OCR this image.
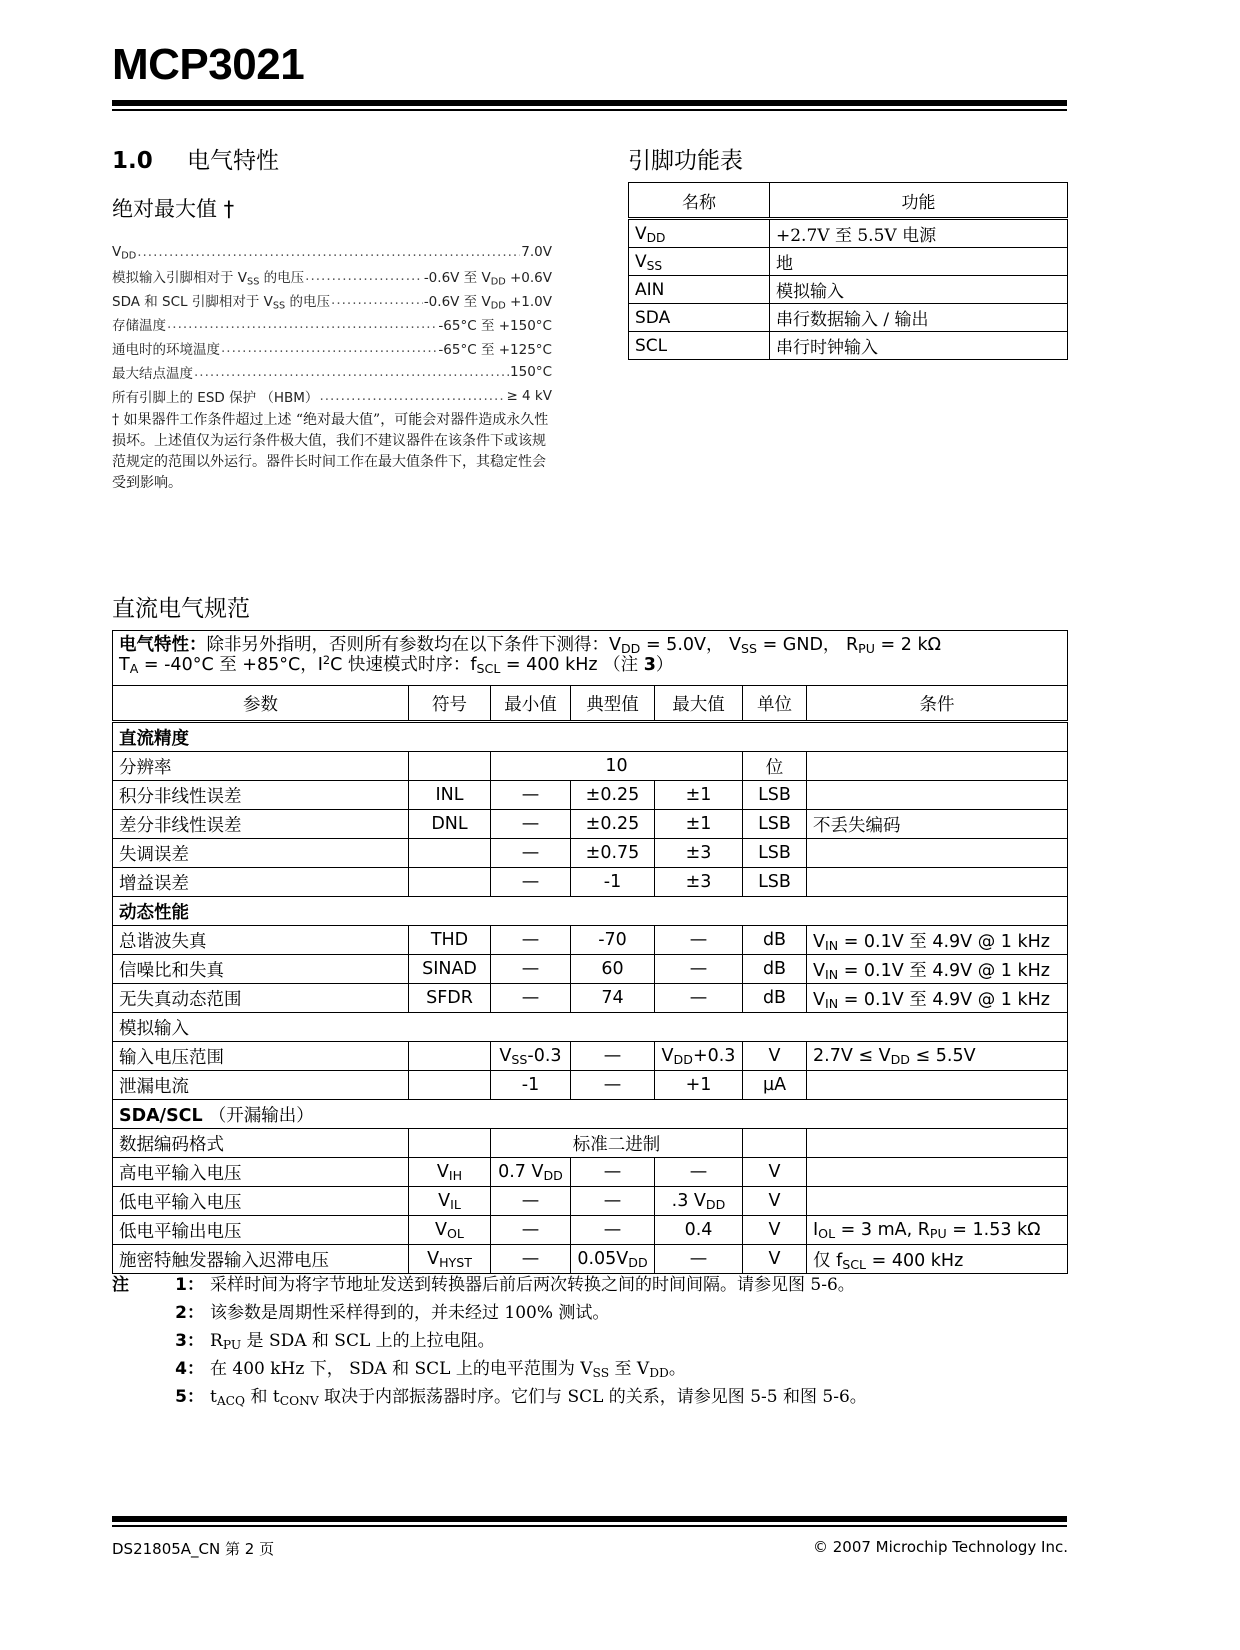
MCP3021
1.0 电气特性
绝对最大值 †
$V_{DD}$ .....	7.0V
模拟输入引脚相对于 $V_{SS}$ 的电压 .....	-0.6V 至 $V_{DD} +0.6V$
SDA 和 SCL 引脚相对于 $V_{SS}$ 的电压 .....	-0.6V 至 $V_{DD} +1.0V$
存储温度 .....	-65°C 至 +150°C
通电时的环境温度 .....	-65°C 至 +125°C
最大结点温度 .....	150°C
所有引脚上的 ESD 保护 （HBM） .....	≥ 4 kV
† 如果器件工作条件超过上述 “绝对最大值”，可能会对器件造成永久性损坏。上述值仅为运行条件极大值，我们不建议器件在该条件下或该规范规定的范围以外运行。器件长时间工作在最大值条件下，其稳定性会受到影响。
引脚功能表
名称	功能
$V_{DD}$	+2.7V 至 5.5V 电源
$V_{SS}$	地
AIN	模拟输入
SDA	串行数据输入 / 输出
SCL	串行时钟输入
直流电气规范
电气特性：除非另外指明，否则所有参数均在以下条件下测得：$V_{DD} = 5.0V$， $V_{SS}$ = GND， $R_{PU} = 2$ kΩ
$T_A = -40^\circ C$ 至 +85°C，$I^2C$ 快速模式时序：$f_{SCL} = 400$ kHz （注 3）						

参数	符号	最小值	典型值	最大值	单位	条件
直流精度						
分辨率		10			位	
积分非线性误差	INL	—	±0.25	±1	LSB	
差分非线性误差	DNL	—	±0.25	±1	LSB	不丢失编码
失调误差		—	±0.75	±3	LSB	
增益误差		—	-1	±3	LSB	
动态性能						
总谐波失真	THD	—	-70	—	dB	$V_{IN} = 0.1V$ 至 4.9V @ 1 kHz
信噪比和失真	SINAD	—	60	—	dB	$V_{IN} = 0.1V$ 至 4.9V @ 1 kHz
无失真动态范围	SFDR	—	74	—	dB	$V_{IN} = 0.1V$ 至 4.9V @ 1 kHz
模拟输入						
输入电压范围		$V_{SS}-0.3$	—	$V_{DD}+0.3$	V	$2.7V \le V_{DD} \le 5.5V$
泄漏电流		-1	—	+1	µA	
SDA/SCL （开漏输出）						
数据编码格式		标准二进制				
高电平输入电压	$V_{IH}$	0.7 $V_{DD}$	—	—	V	
低电平输入电压	$V_{IL}$	—	—	.3 $V_{DD}$	V	
低电平输出电压	$V_{OL}$	—	—	0.4	V	$I_{OL} = 3$ mA, $R_{PU} = 1.53$ kΩ
施密特触发器输入迟滞电压	$V_{HYST}$	—	$0.05V_{DD}$	—	V	仅 $f_{SCL} = 400$ kHz
注	1： 采样时间为将字节地址发送到转换器后前后两次转换之间的时间间隔。请参见图 5-6。
2： 该参数是周期性采样得到的，并未经过 100% 测试。
3： $R_{PU}$ 是 SDA 和 SCL 上的上拉电阻。
4： 在 400 kHz 下， SDA 和 SCL 上的电平范围为 $V_{SS}$ 至 $V_{DD}$。
5： $t_{ACQ}$ 和 $t_{CONV}$ 取决于内部振荡器时序。它们与 SCL 的关系，请参见图 5-5 和图 5-6。
DS21805A_CN 第 2 页	© 2007 Microchip Technology Inc.
